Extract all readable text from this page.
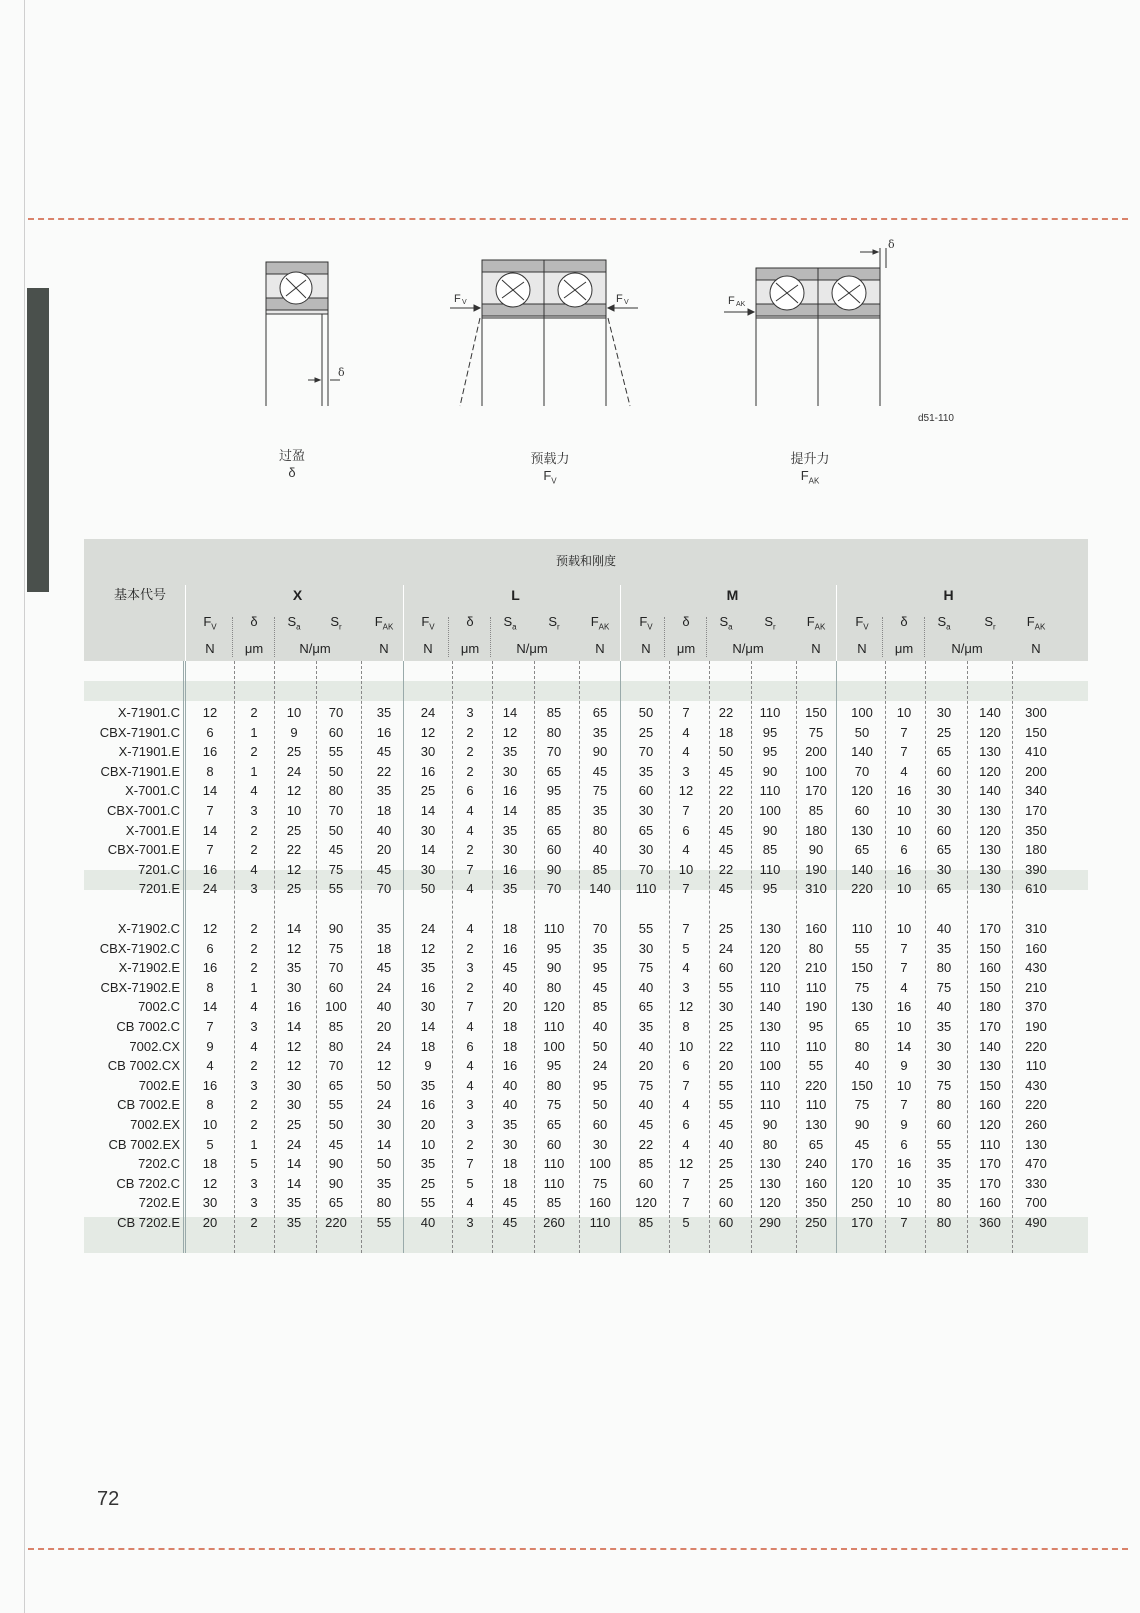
δ
F V	F V	F AK
δ
d51-110
过盈
δ
预载力
$F_V$
提升力
$F_{AK}$
预载和刚度
基本代号	X
$F_V$	δ	$S_a$	$S_r$	$F_{AK}$
N	μm	N/μm	N
L
$F_V$	δ	$S_a$	$S_r$	$F_{AK}$
N	μm	N/μm	N
M
$F_V$	δ	$S_a$	$S_r$	$F_{AK}$
N	μm	N/μm	N
H
$F_V$	δ	$S_a$	$S_r$	$F_{AK}$
N	μm	N/μm	N
X-71901.C	12	2	10	70	35	24	3	14	85	65	50	7	22	110	150	100	10	30	140	300
CBX-71901.C	6	1	9	60	16	12	2	12	80	35	25	4	18	95	75	50	7	25	120	150
X-71901.E	16	2	25	55	45	30	2	35	70	90	70	4	50	95	200	140	7	65	130	410
CBX-71901.E	8	1	24	50	22	16	2	30	65	45	35	3	45	90	100	70	4	60	120	200
X-7001.C	14	4	12	80	35	25	6	16	95	75	60	12	22	110	170	120	16	30	140	340
CBX-7001.C	7	3	10	70	18	14	4	14	85	35	30	7	20	100	85	60	10	30	130	170
X-7001.E	14	2	25	50	40	30	4	35	65	80	65	6	45	90	180	130	10	60	120	350
CBX-7001.E	7	2	22	45	20	14	2	30	60	40	30	4	45	85	90	65	6	65	130	180
7201.C	16	4	12	75	45	30	7	16	90	85	70	10	22	110	190	140	16	30	130	390
7201.E	24	3	25	55	70	50	4	35	70	140	110	7	45	95	310	220	10	65	130	610
X-71902.C	12	2	14	90	35	24	4	18	110	70	55	7	25	130	160	110	10	40	170	310
CBX-71902.C	6	2	12	75	18	12	2	16	95	35	30	5	24	120	80	55	7	35	150	160
X-71902.E	16	2	35	70	45	35	3	45	90	95	75	4	60	120	210	150	7	80	160	430
CBX-71902.E	8	1	30	60	24	16	2	40	80	45	40	3	55	110	110	75	4	75	150	210
7002.C	14	4	16	100	40	30	7	20	120	85	65	12	30	140	190	130	16	40	180	370
CB 7002.C	7	3	14	85	20	14	4	18	110	40	35	8	25	130	95	65	10	35	170	190
7002.CX	9	4	12	80	24	18	6	18	100	50	40	10	22	110	110	80	14	30	140	220
CB 7002.CX	4	2	12	70	12	9	4	16	95	24	20	6	20	100	55	40	9	30	130	110
7002.E	16	3	30	65	50	35	4	40	80	95	75	7	55	110	220	150	10	75	150	430
CB 7002.E	8	2	30	55	24	16	3	40	75	50	40	4	55	110	110	75	7	80	160	220
7002.EX	10	2	25	50	30	20	3	35	65	60	45	6	45	90	130	90	9	60	120	260
CB 7002.EX	5	1	24	45	14	10	2	30	60	30	22	4	40	80	65	45	6	55	110	130
7202.C	18	5	14	90	50	35	7	18	110	100	85	12	25	130	240	170	16	35	170	470
CB 7202.C	12	3	14	90	35	25	5	18	110	75	60	7	25	130	160	120	10	35	170	330
7202.E	30	3	35	65	80	55	4	45	85	160	120	7	60	120	350	250	10	80	160	700
CB 7202.E	20	2	35	220	55	40	3	45	260	110	85	5	60	290	250	170	7	80	360	490
72
